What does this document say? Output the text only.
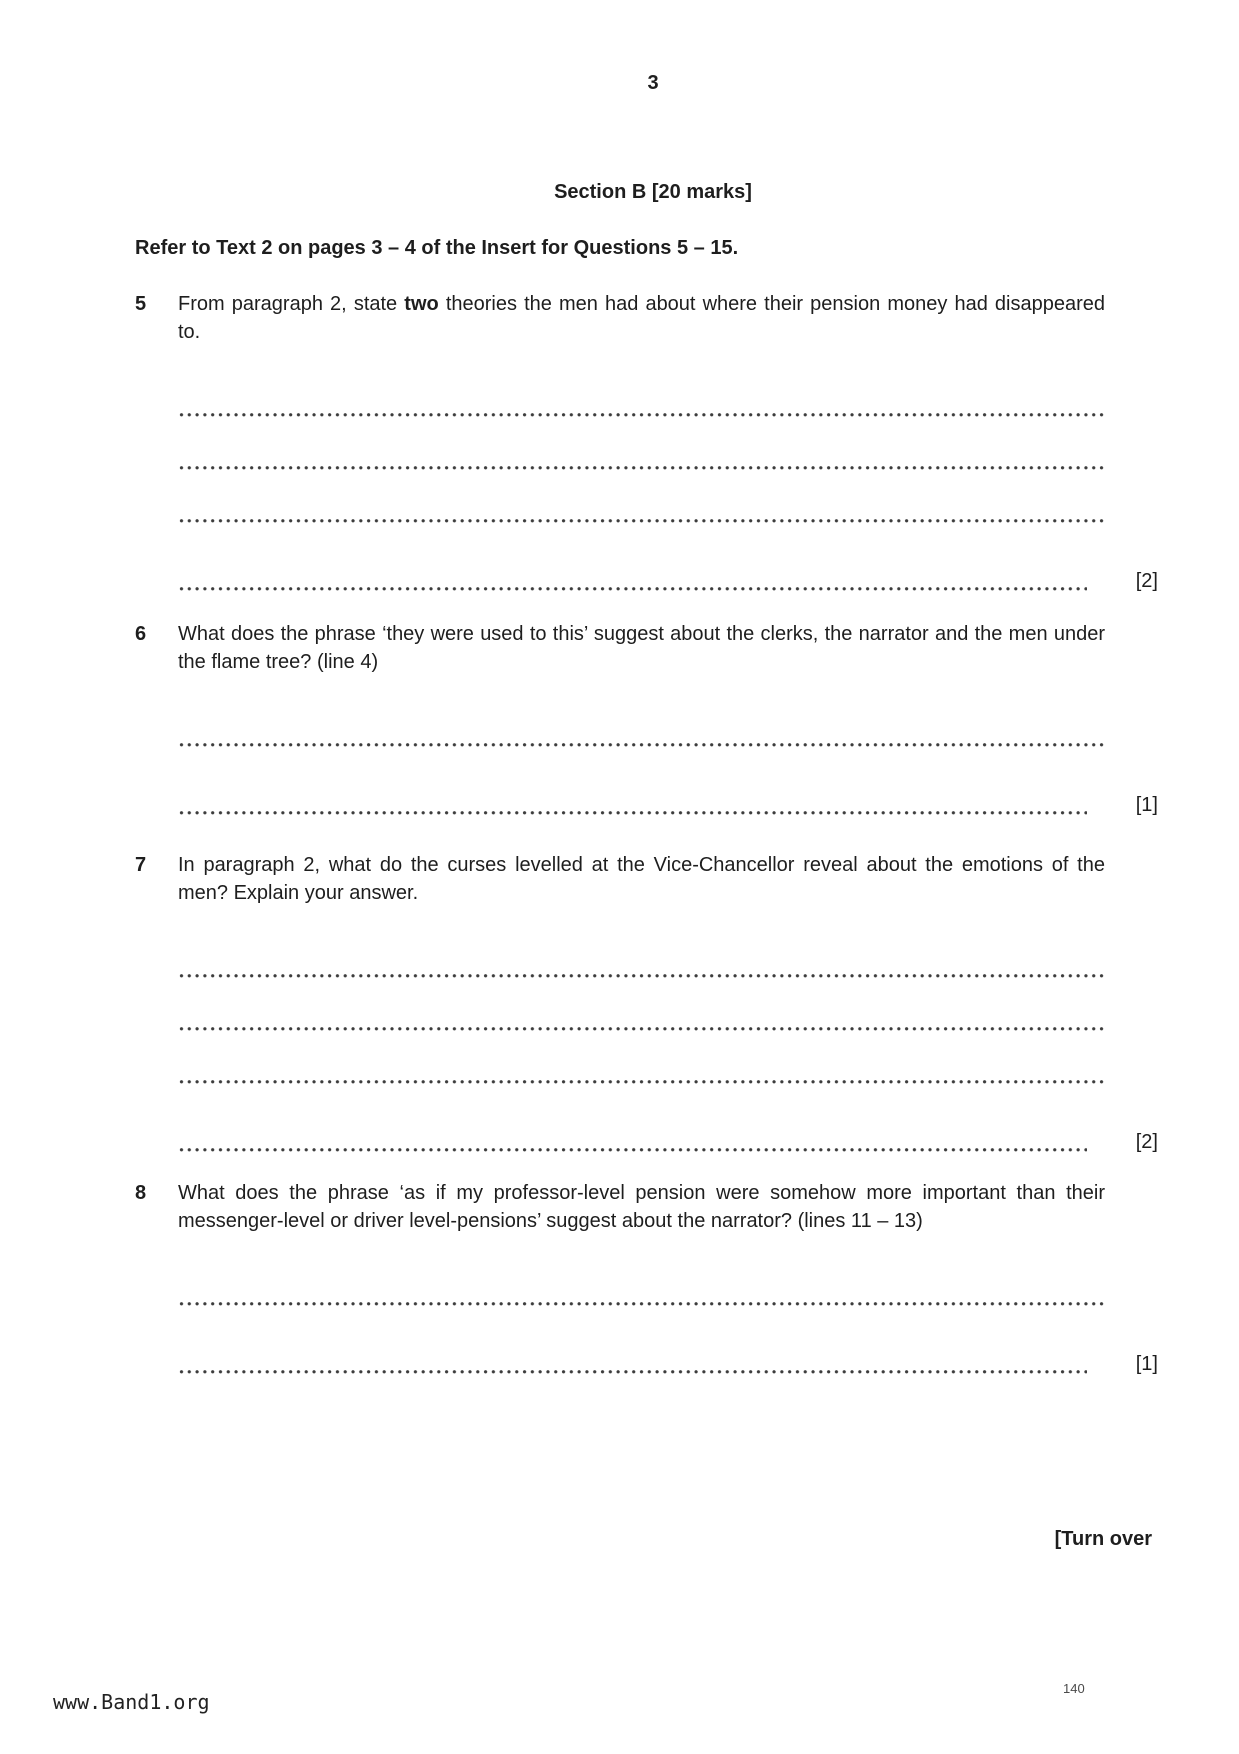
3
Section B [20 marks]
Refer to Text 2 on pages 3 – 4 of the Insert for Questions 5 – 15.
5	From paragraph 2, state two theories the men had about where their pension money had disappeared to.
[2]
6	What does the phrase ‘they were used to this’ suggest about the clerks, the narrator and the men under the flame tree? (line 4)
[1]
7	In paragraph 2, what do the curses levelled at the Vice-Chancellor reveal about the emotions of the men? Explain your answer.
[2]
8	What does the phrase ‘as if my professor-level pension were somehow more important than their messenger-level or driver level-pensions’ suggest about the narrator? (lines 11 – 13)
[1]
[Turn over
www.Band1.org
140
